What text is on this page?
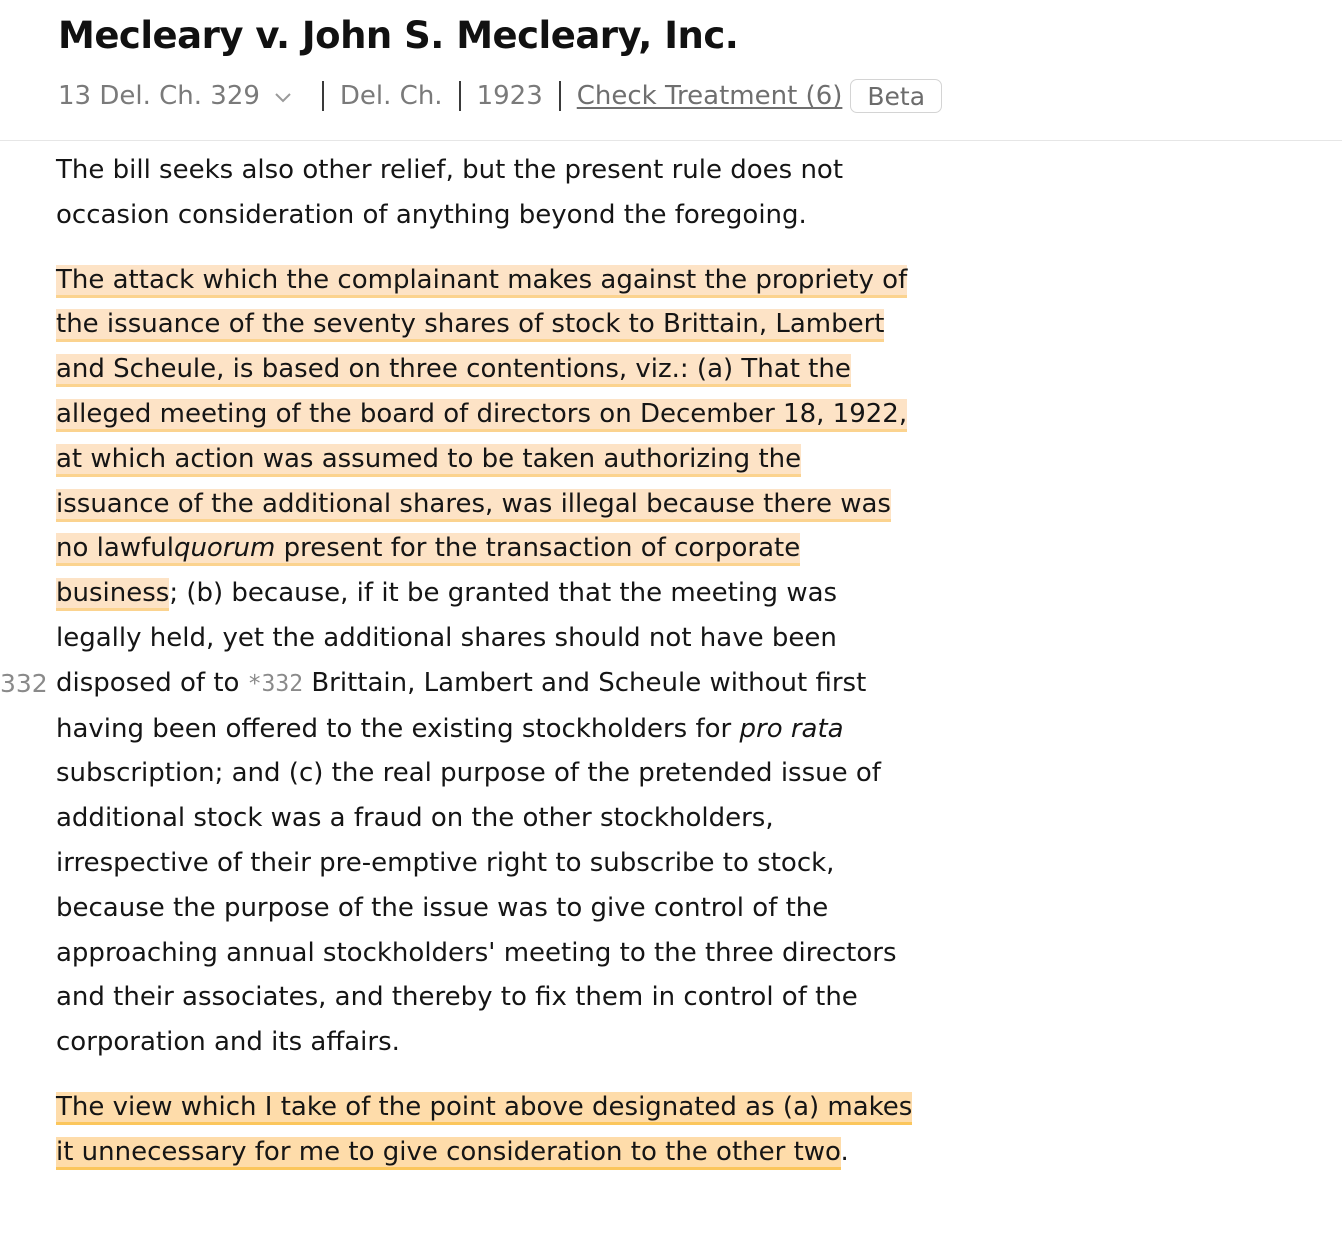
Mecleary v. John S. Mecleary, Inc.
13 Del. Ch. 329	Del. Ch. 1923 Check Treatment (6)	Beta
332

The bill seeks also other relief, but the present rule does not occasion consideration of anything beyond the foregoing.

The attack which the complainant makes against the propriety of the issuance of the seventy shares of stock to Brittain, Lambert and Scheule, is based on three contentions, viz.: (a) That the alleged meeting of the board of directors on December 18, 1922, at which action was assumed to be taken authorizing the issuance of the additional shares, was illegal because there was no lawfulquorum present for the transaction of corporate business; (b) because, if it be granted that the meeting was legally held, yet the additional shares should not have been disposed of to *332 Brittain, Lambert and Scheule without first having been offered to the existing stockholders for pro rata subscription; and (c) the real purpose of the pretended issue of additional stock was a fraud on the other stockholders, irrespective of their pre-emptive right to subscribe to stock, because the purpose of the issue was to give control of the approaching annual stockholders' meeting to the three directors and their associates, and thereby to fix them in control of the corporation and its affairs.

The view which I take of the point above designated as (a) makes it unnecessary for me to give consideration to the other two.
